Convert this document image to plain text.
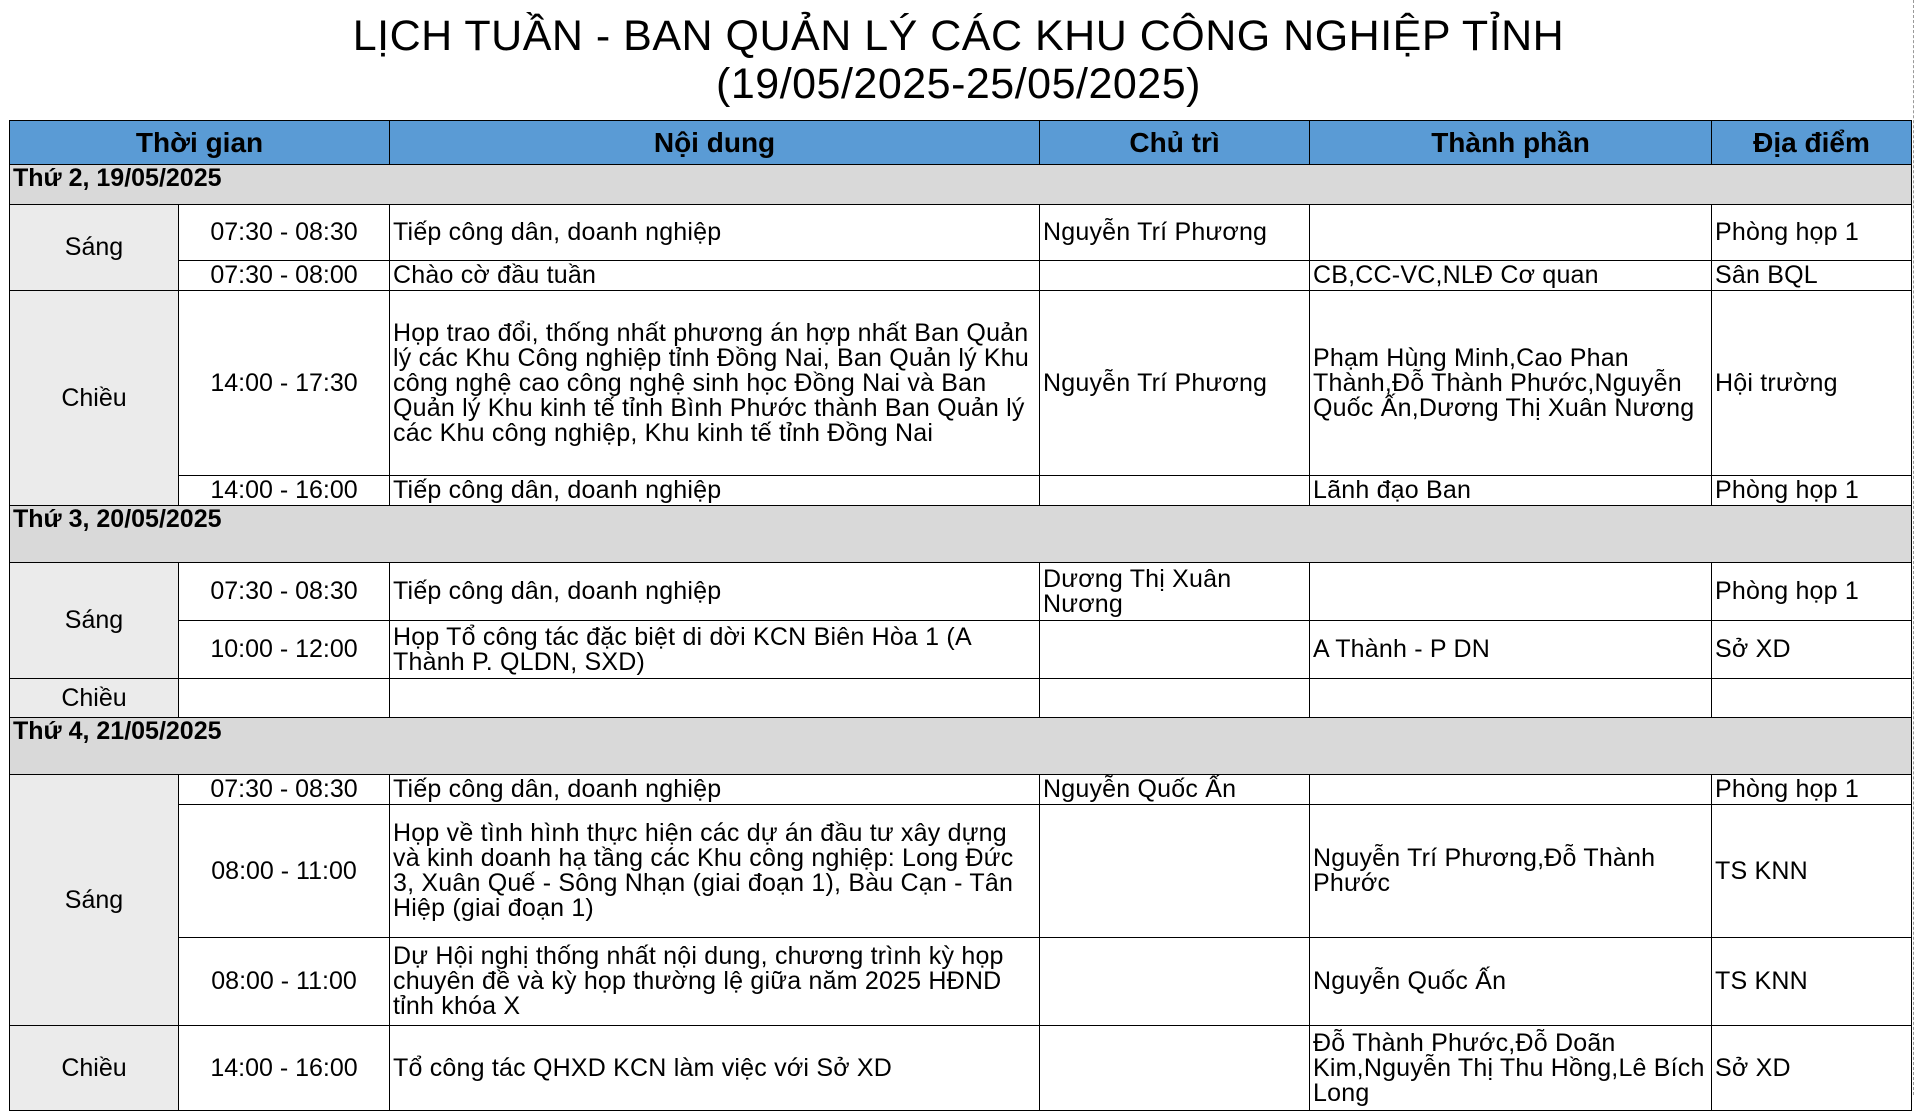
LỊCH TUẦN - BAN QUẢN LÝ CÁC KHU CÔNG NGHIỆP TỈNH
(19/05/2025-25/05/2025)
Thời gian		Nội dung	Chủ trì	Thành phần	Địa điểm
Thứ 2, 19/05/2025					
Sáng	07:30 - 08:30	Tiếp công dân, doanh nghiệp	Nguyễn Trí Phương		Phòng họp 1
	07:30 - 08:00	Chào cờ đầu tuần		CB,CC-VC,NLĐ Cơ quan	Sân BQL
Chiều	14:00 - 17:30	Họp trao đổi, thống nhất phương án hợp nhất Ban Quản lý các Khu Công nghiệp tỉnh Đồng Nai, Ban Quản lý Khu công nghệ cao công nghệ sinh học Đồng Nai và Ban Quản lý Khu kinh tế tỉnh Bình Phước thành Ban Quản lý các Khu công nghiệp, Khu kinh tế tỉnh Đồng Nai	Nguyễn Trí Phương	Phạm Hùng Minh,Cao Phan Thành,Đỗ Thành Phước,Nguyễn Quốc Ấn,Dương Thị Xuân Nương	Hội trường
	14:00 - 16:00	Tiếp công dân, doanh nghiệp		Lãnh đạo Ban	Phòng họp 1
Thứ 3, 20/05/2025					
Sáng	07:30 - 08:30	Tiếp công dân, doanh nghiệp	Dương Thị Xuân Nương		Phòng họp 1
	10:00 - 12:00	Họp Tổ công tác đặc biệt di dời KCN Biên Hòa 1 (A Thành P. QLDN, SXD)		A Thành - P DN	Sở XD
Chiều					
Thứ 4, 21/05/2025					
Sáng	07:30 - 08:30	Tiếp công dân, doanh nghiệp	Nguyễn Quốc Ấn		Phòng họp 1
	08:00 - 11:00	Họp về tình hình thực hiện các dự án đầu tư xây dựng và kinh doanh hạ tầng các Khu công nghiệp: Long Đức 3, Xuân Quế - Sông Nhạn (giai đoạn 1), Bàu Cạn - Tân Hiệp (giai đoạn 1)		Nguyễn Trí Phương,Đỗ Thành Phước	TS KNN
	08:00 - 11:00	Dự Hội nghị thống nhất nội dung, chương trình kỳ họp chuyên đề và kỳ họp thường lệ giữa năm 2025 HĐND tỉnh khóa X		Nguyễn Quốc Ấn	TS KNN
Chiều	14:00 - 16:00	Tổ công tác QHXD KCN làm việc với Sở XD		Đỗ Thành Phước,Đỗ Doãn Kim,Nguyễn Thị Thu Hồng,Lê Bích Long	Sở XD
